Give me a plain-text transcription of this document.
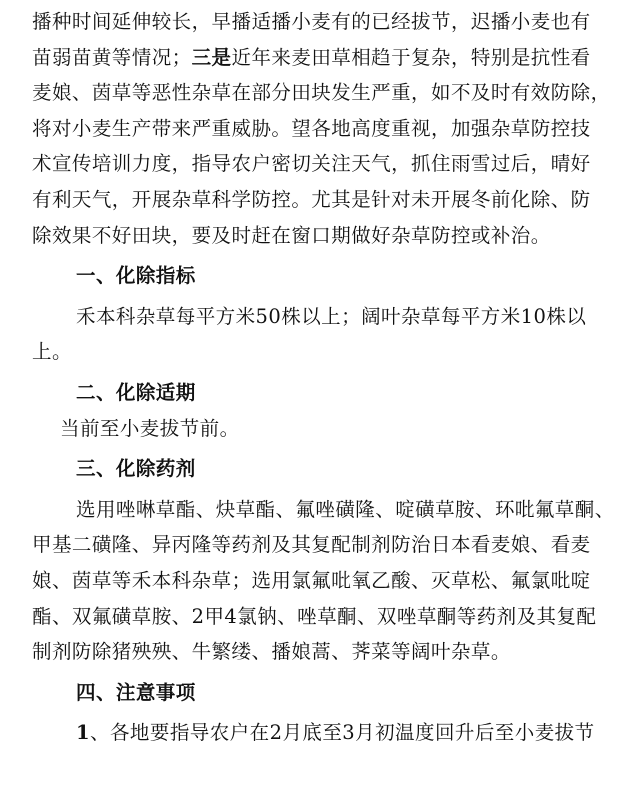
播种时间延伸较长，早播适播小麦有的已经拔节，迟播小麦也有
苗弱苗黄等情况；三是近年来麦田草相趋于复杂，特别是抗性看
麦娘、茵草等恶性杂草在部分田块发生严重，如不及时有效防除，
将对小麦生产带来严重威胁。望各地高度重视，加强杂草防控技
术宣传培训力度，指导农户密切关注天气，抓住雨雪过后，晴好
有利天气，开展杂草科学防控。尤其是针对未开展冬前化除、防
除效果不好田块，要及时赶在窗口期做好杂草防控或补治。
一、化除指标
禾本科杂草每平方米50株以上；阔叶杂草每平方米10株以
上。
二、化除适期
当前至小麦拔节前。
三、化除药剂
选用唑啉草酯、炔草酯、氟唑磺隆、啶磺草胺、环吡氟草酮、
甲基二磺隆、异丙隆等药剂及其复配制剂防治日本看麦娘、看麦
娘、茵草等禾本科杂草；选用氯氟吡氧乙酸、灭草松、氟氯吡啶
酯、双氟磺草胺、2甲4氯钠、唑草酮、双唑草酮等药剂及其复配
制剂防除猪殃殃、牛繁缕、播娘蒿、荠菜等阔叶杂草。
四、注意事项
1、各地要指导农户在2月底至3月初温度回升后至小麦拔节
